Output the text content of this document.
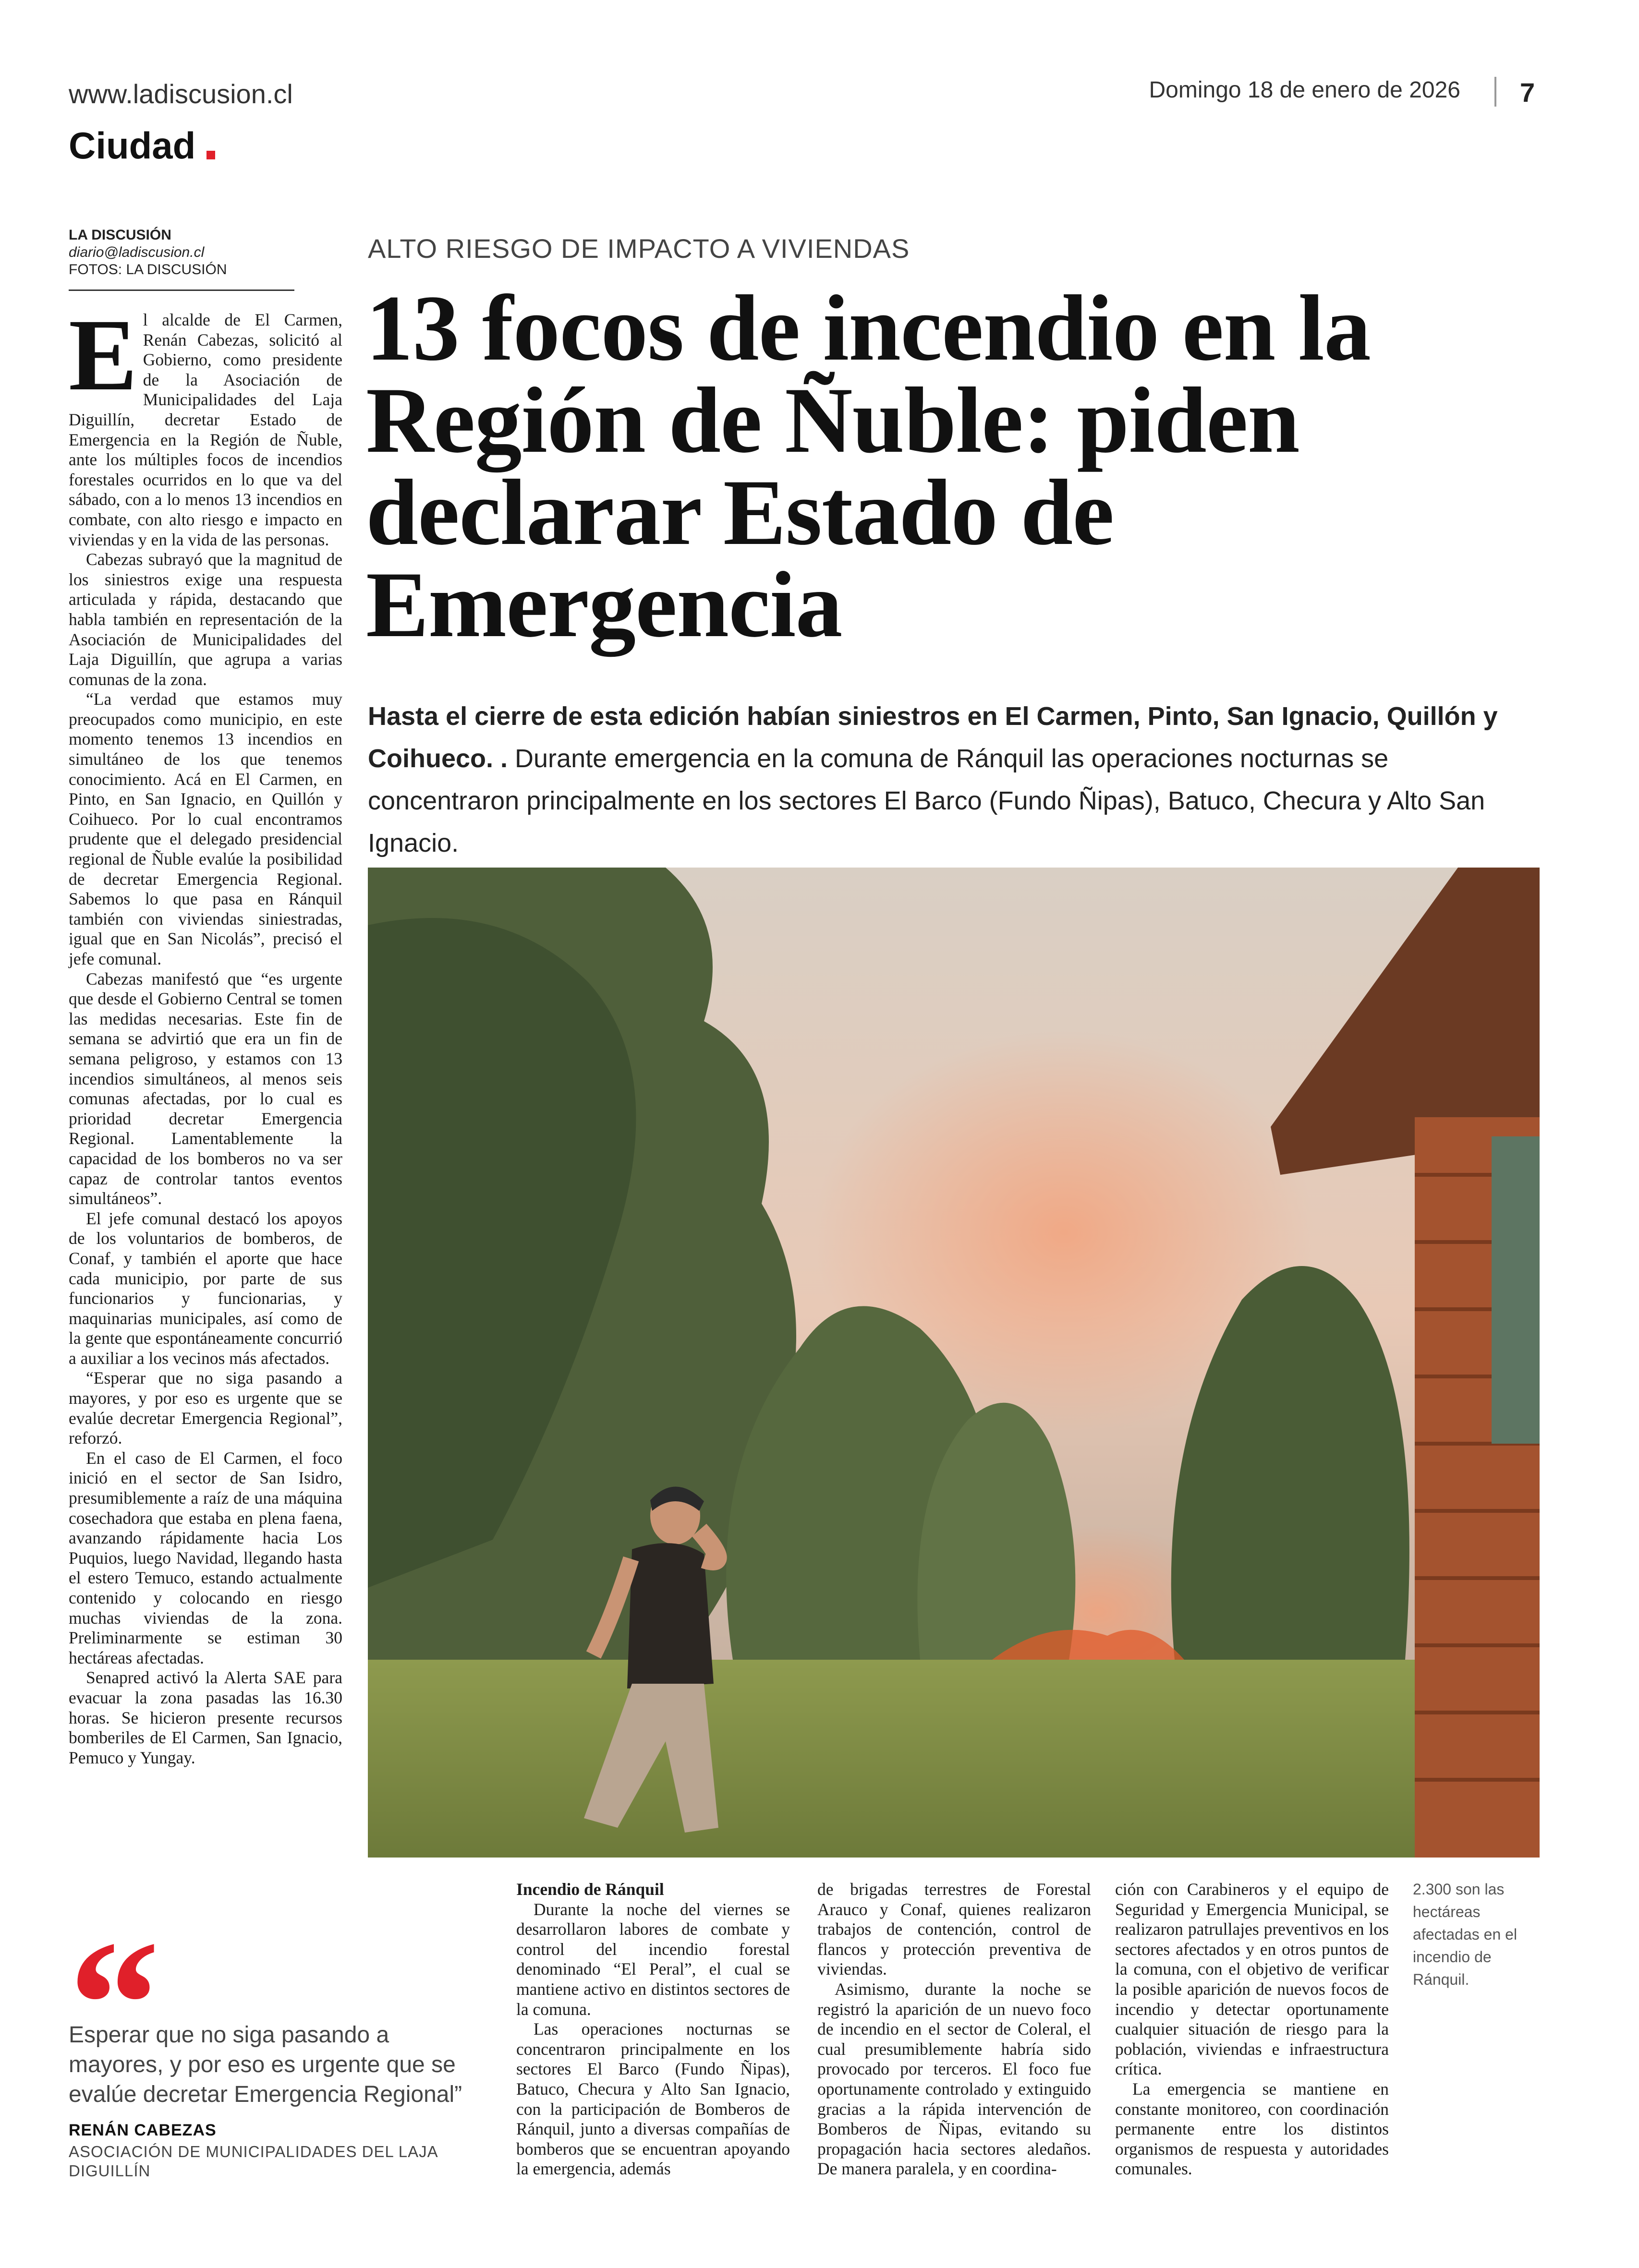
www.ladiscusion.cl	Domingo 18 de enero de 2026 7
Ciudad
LA DISCUSIÓN
diario@ladiscusion.cl
FOTOS: LA DISCUSIÓN

El alcalde de El Carmen, Renán Cabezas, solicitó al Gobierno, como presidente de la Asociación de Municipalidades del Laja Diguillín, decretar Estado de Emergencia en la Región de Ñuble, ante los múltiples focos de incendios forestales ocurridos en lo que va del sábado, con a lo menos 13 incendios en combate, con alto riesgo e impacto en viviendas y en la vida de las personas.

Cabezas subrayó que la magnitud de los siniestros exige una respuesta articulada y rápida, destacando que habla también en representación de la Asociación de Municipalidades del Laja Diguillín, que agrupa a varias comunas de la zona.

“La verdad que estamos muy preocupados como municipio, en este momento tenemos 13 incendios en simultáneo de los que tenemos conocimiento. Acá en El Carmen, en Pinto, en San Ignacio, en Quillón y Coihueco. Por lo cual encontramos prudente que el delegado presidencial regional de Ñuble evalúe la posibilidad de decretar Emergencia Regional. Sabemos lo que pasa en Ránquil también con viviendas siniestradas, igual que en San Nicolás”, precisó el jefe comunal.

Cabezas manifestó que “es urgente que desde el Gobierno Central se tomen las medidas necesarias. Este fin de semana se advirtió que era un fin de semana peligroso, y estamos con 13 incendios simultáneos, al menos seis comunas afectadas, por lo cual es prioridad decretar Emergencia Regional. Lamentablemente la capacidad de los bomberos no va ser capaz de controlar tantos eventos simultáneos”.

El jefe comunal destacó los apoyos de los voluntarios de bomberos, de Conaf, y también el aporte que hace cada municipio, por parte de sus funcionarios y funcionarias, y maquinarias municipales, así como de la gente que espontáneamente concurrió a auxiliar a los vecinos más afectados.

“Esperar que no siga pasando a mayores, y por eso es urgente que se evalúe decretar Emergencia Regional”, reforzó.

En el caso de El Carmen, el foco inició en el sector de San Isidro, presumiblemente a raíz de una máquina cosechadora que estaba en plena faena, avanzando rápidamente hacia Los Puquios, luego Navidad, llegando hasta el estero Temuco, estando actualmente contenido y colocando en riesgo muchas viviendas de la zona. Preliminarmente se estiman 30 hectáreas afectadas.

Senapred activó la Alerta SAE para evacuar la zona pasadas las 16.30 horas. Se hicieron presente recursos bomberiles de El Carmen, San Ignacio, Pemuco y Yungay.

ALTO RIESGO DE IMPACTO A VIVIENDAS
13 focos de incendio en la Región de Ñuble: piden declarar Estado de Emergencia
Hasta el cierre de esta edición habían siniestros en El Carmen, Pinto, San Ignacio, Quillón y Coihueco. . Durante emergencia en la comuna de Ránquil las operaciones nocturnas se concentraron principalmente en los sectores El Barco (Fundo Ñipas), Batuco, Checura y Alto San Ignacio.
2.300 son las hectáreas afectadas en el incendio de Ránquil.
“
Esperar que no siga pasando a mayores, y por eso es urgente que se evalúe decretar Emergencia Regional”
RENÁN CABEZAS
ASOCIACIÓN DE MUNICIPALIDADES DEL LAJA DIGUILLÍN

Incendio de Ránquil

Durante la noche del viernes se desarrollaron labores de combate y control del incendio forestal denominado “El Peral”, el cual se mantiene activo en distintos sectores de la comuna.

Las operaciones nocturnas se concentraron principalmente en los sectores El Barco (Fundo Ñipas), Batuco, Checura y Alto San Ignacio, con la participación de Bomberos de Ránquil, junto a diversas compañías de bomberos que se encuentran apoyando la emergencia, además

de brigadas terrestres de Forestal Arauco y Conaf, quienes realizaron trabajos de contención, control de flancos y protección preventiva de viviendas.

Asimismo, durante la noche se registró la aparición de un nuevo foco de incendio en el sector de Coleral, el cual presumiblemente habría sido provocado por terceros. El foco fue oportunamente controlado y extinguido gracias a la rápida intervención de Bomberos de Ñipas, evitando su propagación hacia sectores aledaños. De manera paralela, y en coordina-

ción con Carabineros y el equipo de Seguridad y Emergencia Municipal, se realizaron patrullajes preventivos en los sectores afectados y en otros puntos de la comuna, con el objetivo de verificar la posible aparición de nuevos focos de incendio y detectar oportunamente cualquier situación de riesgo para la población, viviendas e infraestructura crítica.

La emergencia se mantiene en constante monitoreo, con coordinación permanente entre los distintos organismos de respuesta y autoridades comunales.
